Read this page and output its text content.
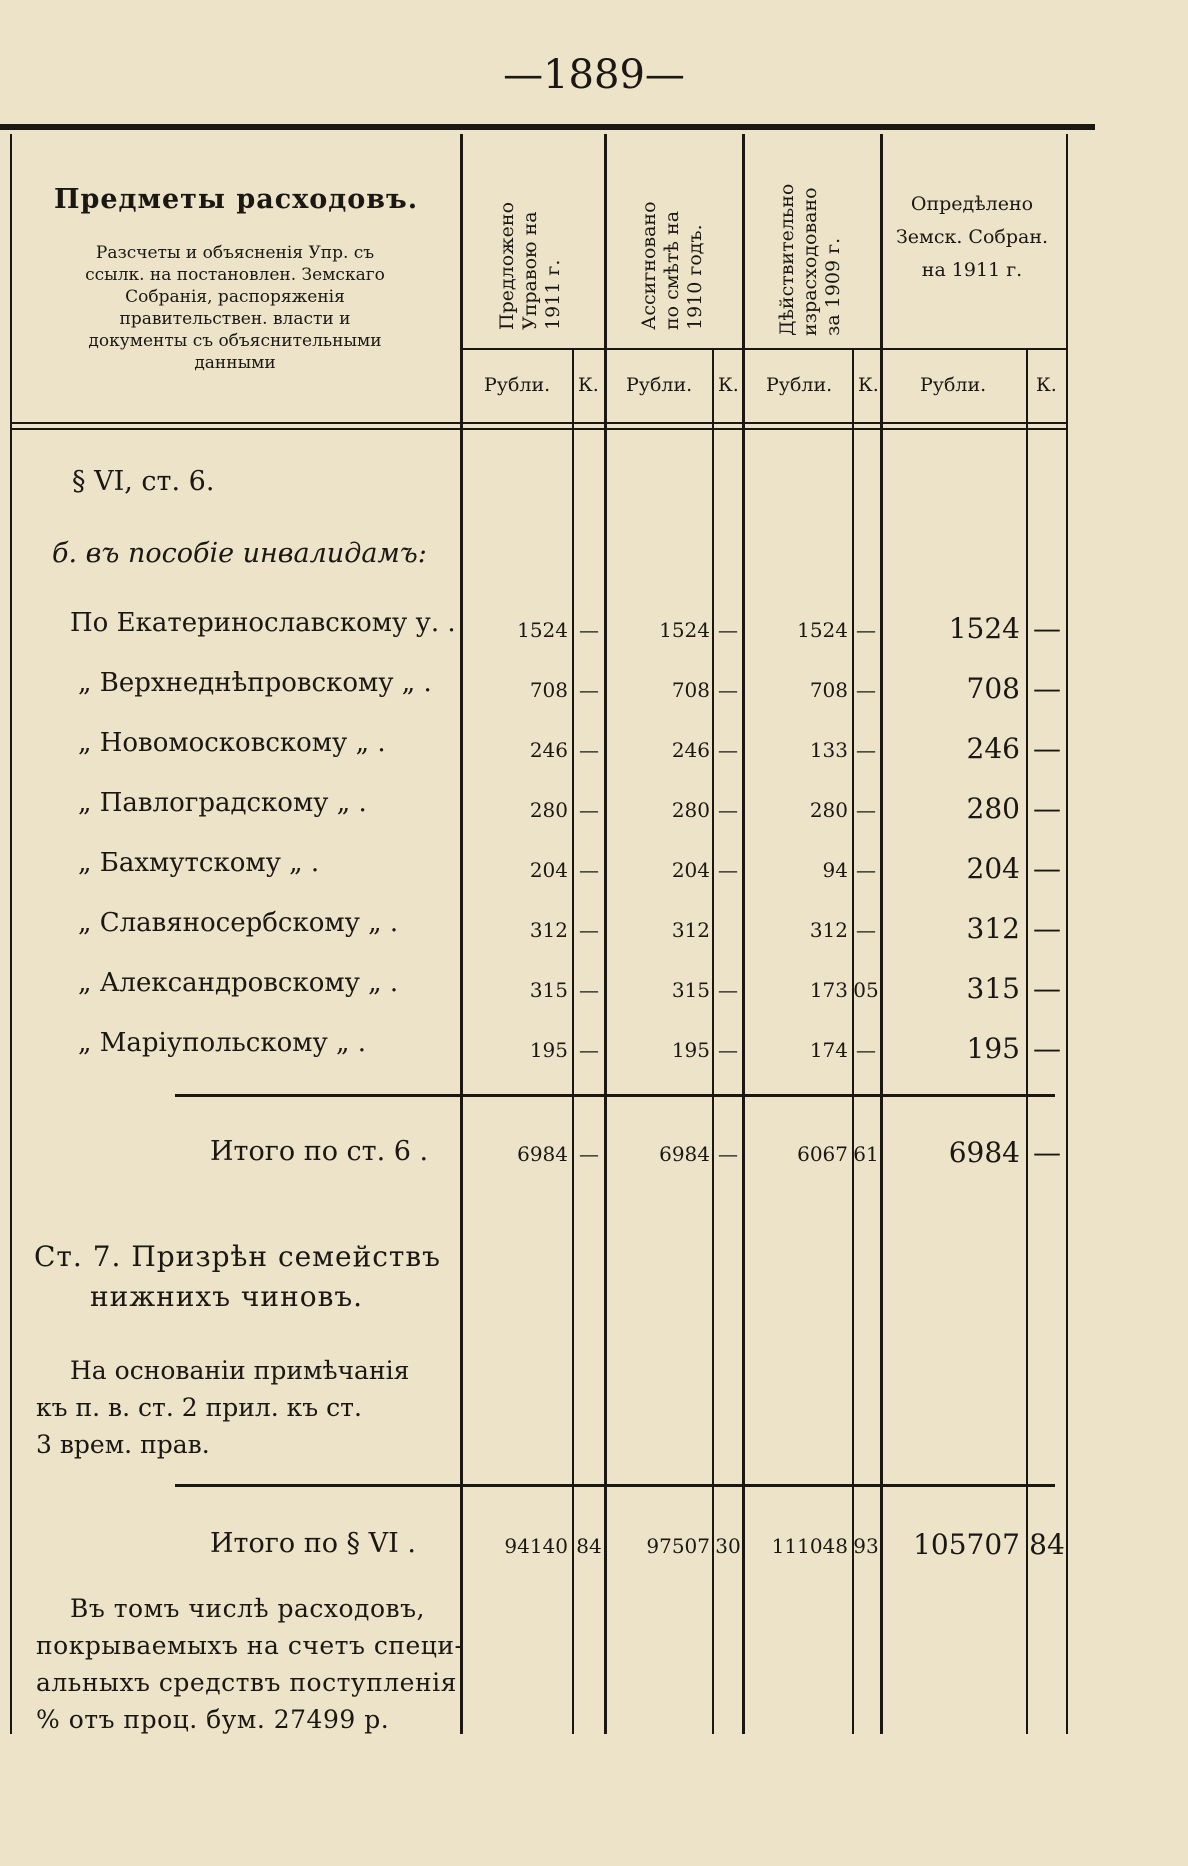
—1889—
Предметы расходовъ.
Разсчеты и объясненія Упр. съ ссылк. на постановлен. Земскаго Собранія, распоряженія правительствен. власти и документы съ объяснительными данными
Предложено Управою на 1911 г.	Ассигновано по смѣтѣ на 1910 годъ.	Дѣйствительно израсходовано за 1909 г.
Опредѣлено
Земск. Собран.
на 1911 г.
Рубли. К. Рубли. К. Рубли. К. Рубли.	К.
§ VI, ст. 6.
б. въ пособіе инвалидамъ:
По Екатеринославскому у. .	1524 —	1524 —	1524 —	1524 —
„ Верхнеднѣпровскому „ .	708 —	708 —	708 —	708 —
„ Новомосковскому „ .	246 —	246 —	133 —	246 —
„ Павлоградскому „ .	280 —	280 —	280 —	280 —
„ Бахмутскому „ .	204 —	204 —	94 —	204 —
„ Славяносербскому „ .	312 —	312	312 —	312 —
„ Александровскому „ .	315 —	315 —	173 05	315 —
„ Маріупольскому „ .	195 —	195 —	174 —	195 —
Итого по ст. 6 .	6984 —	6984 —	6067 61	6984 —
Ст. 7. Призрѣн семействъ
нижнихъ чиновъ.
На основаніи примѣчанія
къ п. в. ст. 2 прил. къ ст.
3 врем. прав.
Итого по § VI .	94140 84	97507 30	111048 93	105707 84
Въ томъ числѣ расходовъ,
покрываемыхъ на счетъ специ-
альныхъ средствъ поступленія
% отъ проц. бум. 27499 р.
